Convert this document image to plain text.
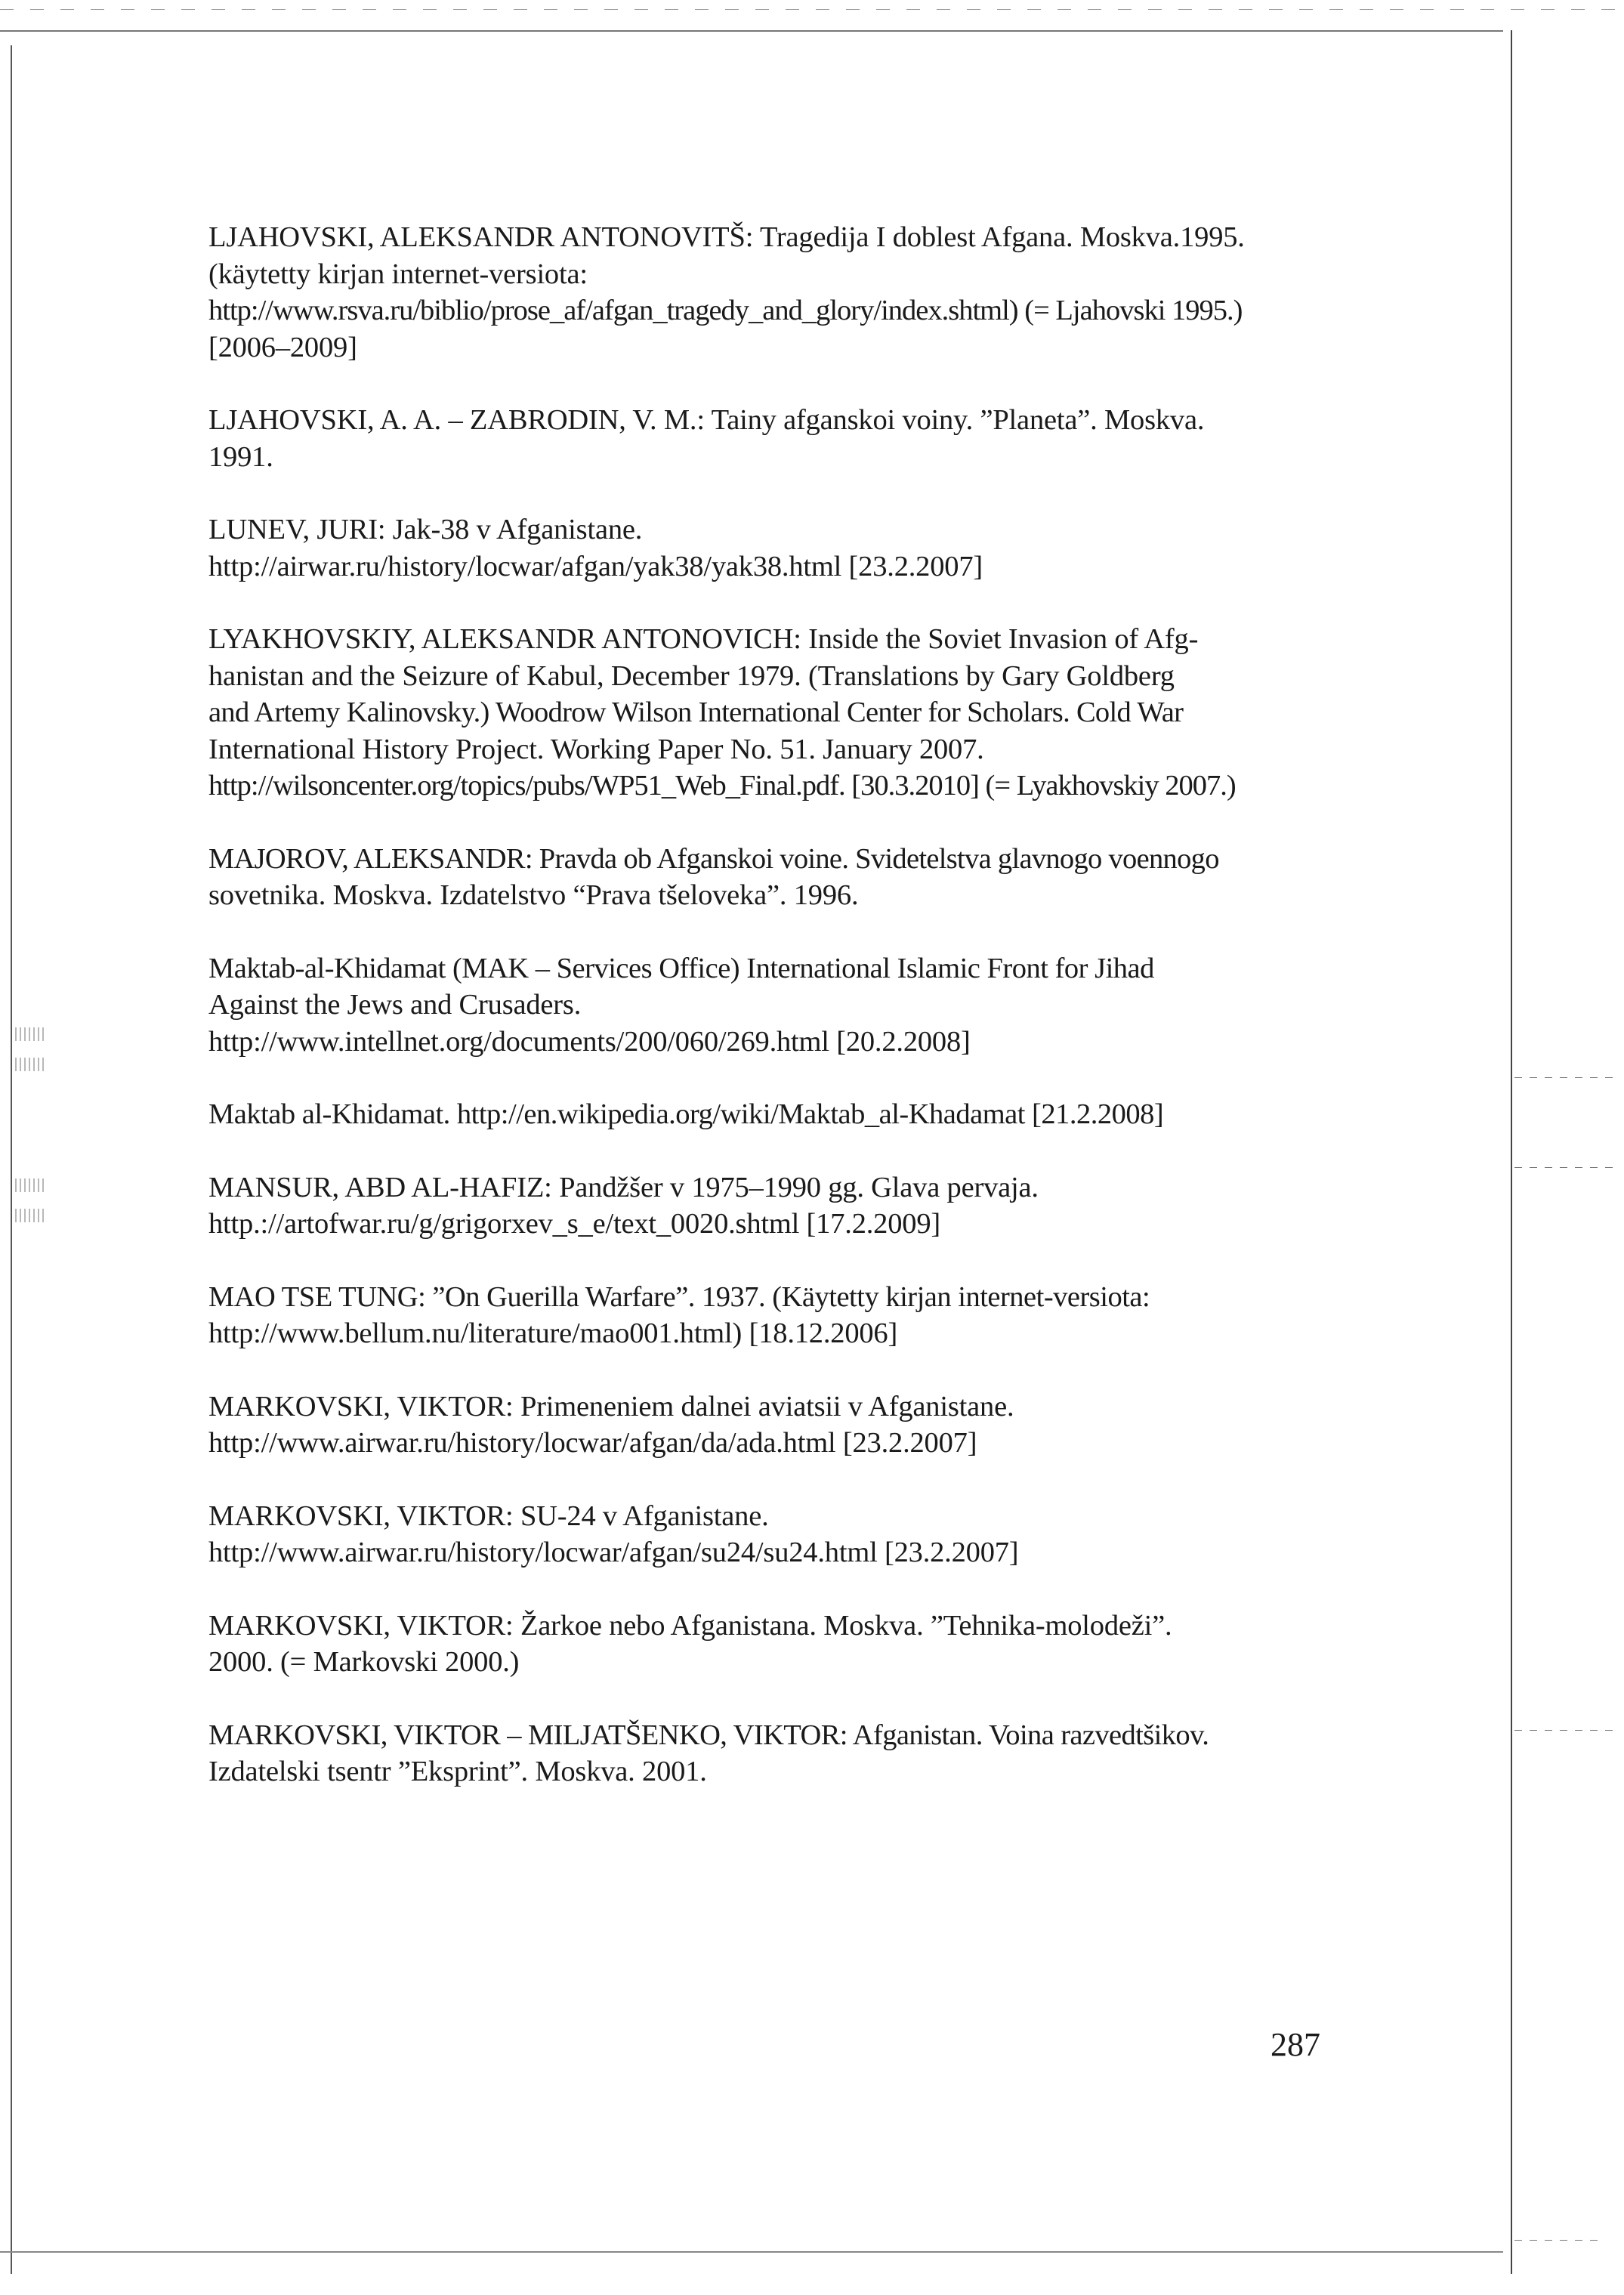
LJAHOVSKI, ALEKSANDR ANTONOVITŠ: Tragedija I doblest Afgana. Moskva.1995.
(käytetty kirjan internet-versiota:
http://www.rsva.ru/biblio/prose_af/afgan_tragedy_and_glory/index.shtml) (= Ljahovski 1995.)
[2006–2009]
LJAHOVSKI, A. A. – ZABRODIN, V. M.: Tainy afganskoi voiny. ”Planeta”. Moskva.
1991.
LUNEV, JURI: Jak-38 v Afganistane.
http://airwar.ru/history/locwar/afgan/yak38/yak38.html [23.2.2007]
LYAKHOVSKIY, ALEKSANDR ANTONOVICH: Inside the Soviet Invasion of Afg-
hanistan and the Seizure of Kabul, December 1979. (Translations by Gary Goldberg
and Artemy Kalinovsky.) Woodrow Wilson International Center for Scholars. Cold War
International History Project. Working Paper No. 51. January 2007.
http://wilsoncenter.org/topics/pubs/WP51_Web_Final.pdf. [30.3.2010] (= Lyakhovskiy 2007.)
MAJOROV, ALEKSANDR: Pravda ob Afganskoi voine. Svidetelstva glavnogo voennogo
sovetnika. Moskva. Izdatelstvo “Prava tšeloveka”. 1996.
Maktab-al-Khidamat (MAK – Services Office) International Islamic Front for Jihad
Against the Jews and Crusaders.
http://www.intellnet.org/documents/200/060/269.html [20.2.2008]
Maktab al-Khidamat. http://en.wikipedia.org/wiki/Maktab_al-Khadamat [21.2.2008]
MANSUR, ABD AL-HAFIZ: Pandžšer v 1975–1990 gg. Glava pervaja.
http.://artofwar.ru/g/grigorxev_s_e/text_0020.shtml [17.2.2009]
MAO TSE TUNG: ”On Guerilla Warfare”. 1937. (Käytetty kirjan internet-versiota:
http://www.bellum.nu/literature/mao001.html) [18.12.2006]
MARKOVSKI, VIKTOR: Primeneniem dalnei aviatsii v Afganistane.
http://www.airwar.ru/history/locwar/afgan/da/ada.html [23.2.2007]
MARKOVSKI, VIKTOR: SU-24 v Afganistane.
http://www.airwar.ru/history/locwar/afgan/su24/su24.html [23.2.2007]
MARKOVSKI, VIKTOR: Žarkoe nebo Afganistana. Moskva. ”Tehnika-molodeži”.
2000. (= Markovski 2000.)
MARKOVSKI, VIKTOR – MILJATŠENKO, VIKTOR: Afganistan. Voina razvedtšikov.
Izdatelski tsentr ”Eksprint”. Moskva. 2001.
287
